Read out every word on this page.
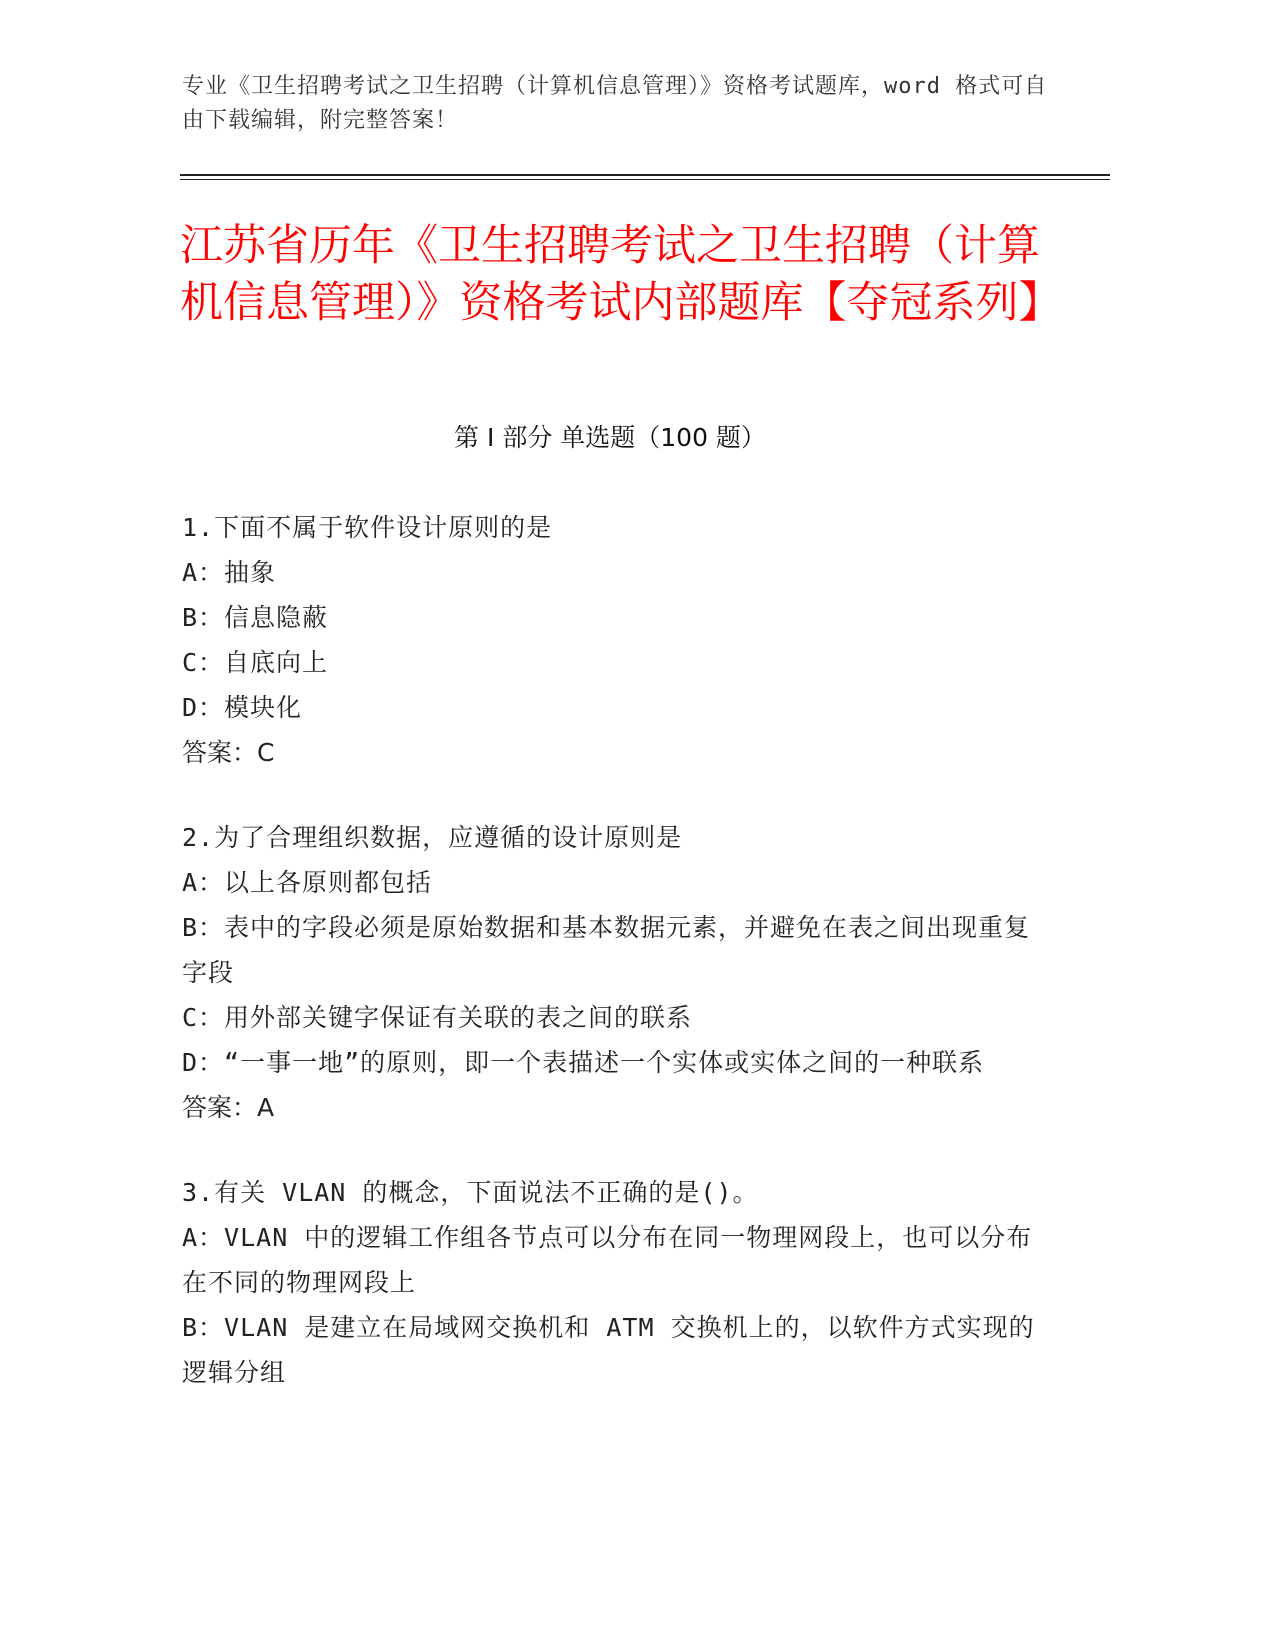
专业《卫生招聘考试之卫生招聘（计算机信息管理）》资格考试题库，word 格式可自由下载编辑，附完整答案！
江苏省历年《卫生招聘考试之卫生招聘（计算机信息管理）》资格考试内部题库【夺冠系列】
第 I 部分 单选题（100 题）

1.下面不属于软件设计原则的是

A：抽象

B：信息隐蔽

C：自底向上

D：模块化

答案：C

2.为了合理组织数据，应遵循的设计原则是

A：以上各原则都包括

B：表中的字段必须是原始数据和基本数据元素，并避免在表之间出现重复字段

C：用外部关键字保证有关联的表之间的联系

D：“一事一地”的原则，即一个表描述一个实体或实体之间的一种联系

答案：A

3.有关 VLAN 的概念，下面说法不正确的是()。

A：VLAN 中的逻辑工作组各节点可以分布在同一物理网段上，也可以分布在不同的物理网段上

B：VLAN 是建立在局域网交换机和 ATM 交换机上的，以软件方式实现的逻辑分组
